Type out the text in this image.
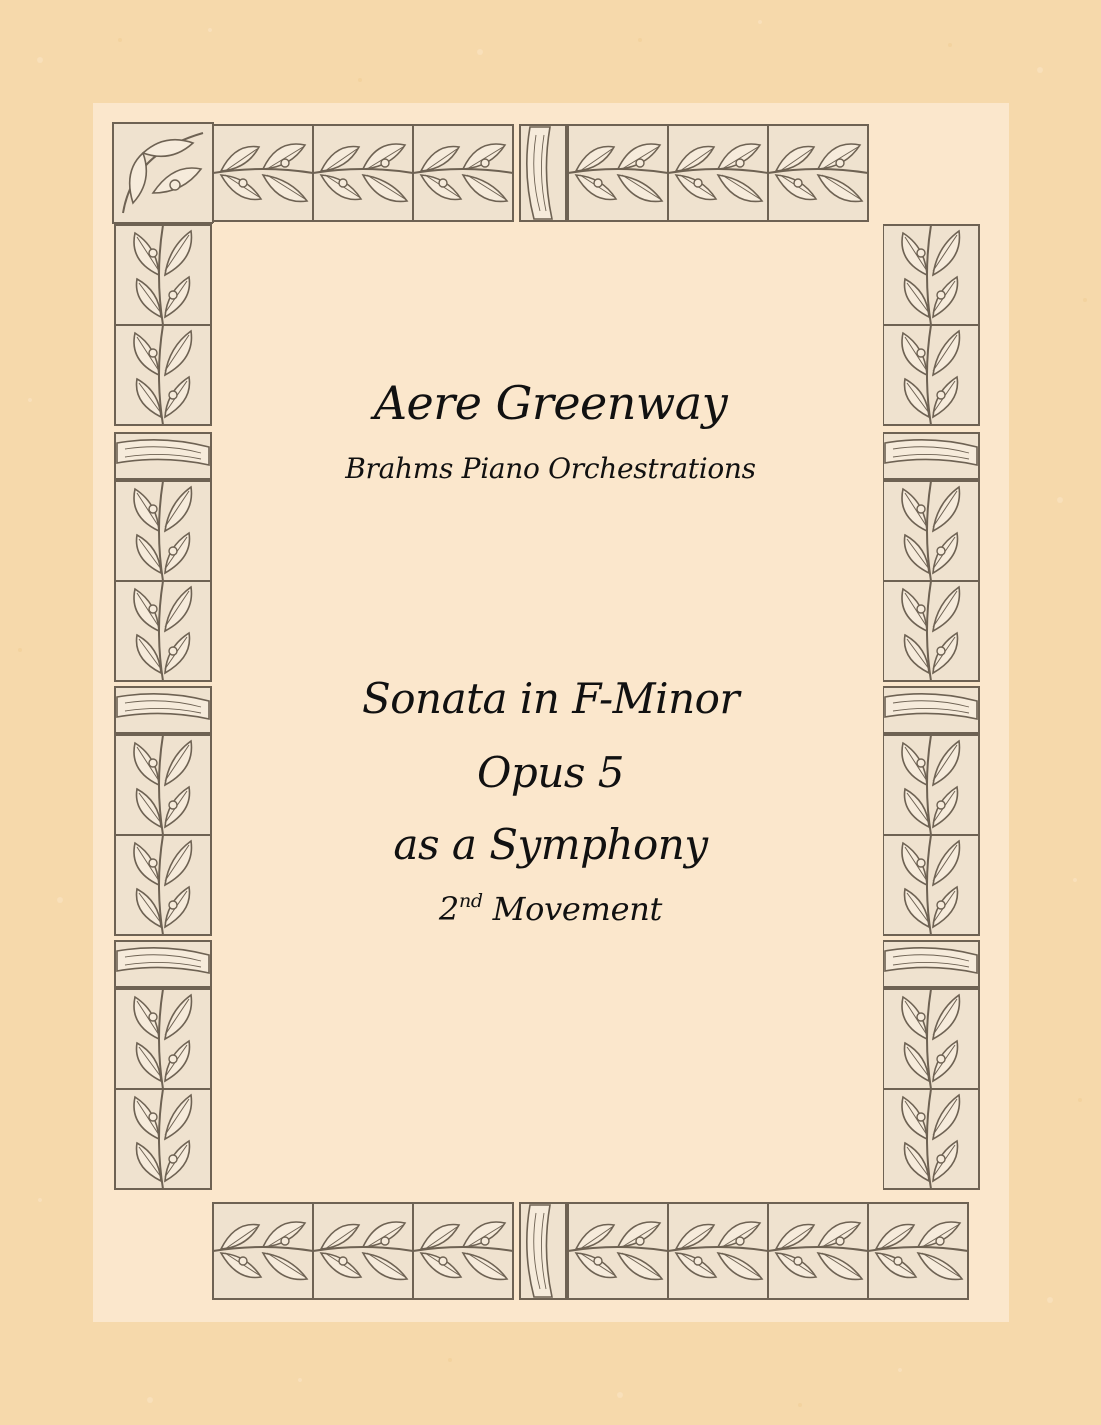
Aere Greenway
Brahms Piano Orchestrations
Sonata in F-Minor
Opus 5
as a Symphony
2nd Movement
